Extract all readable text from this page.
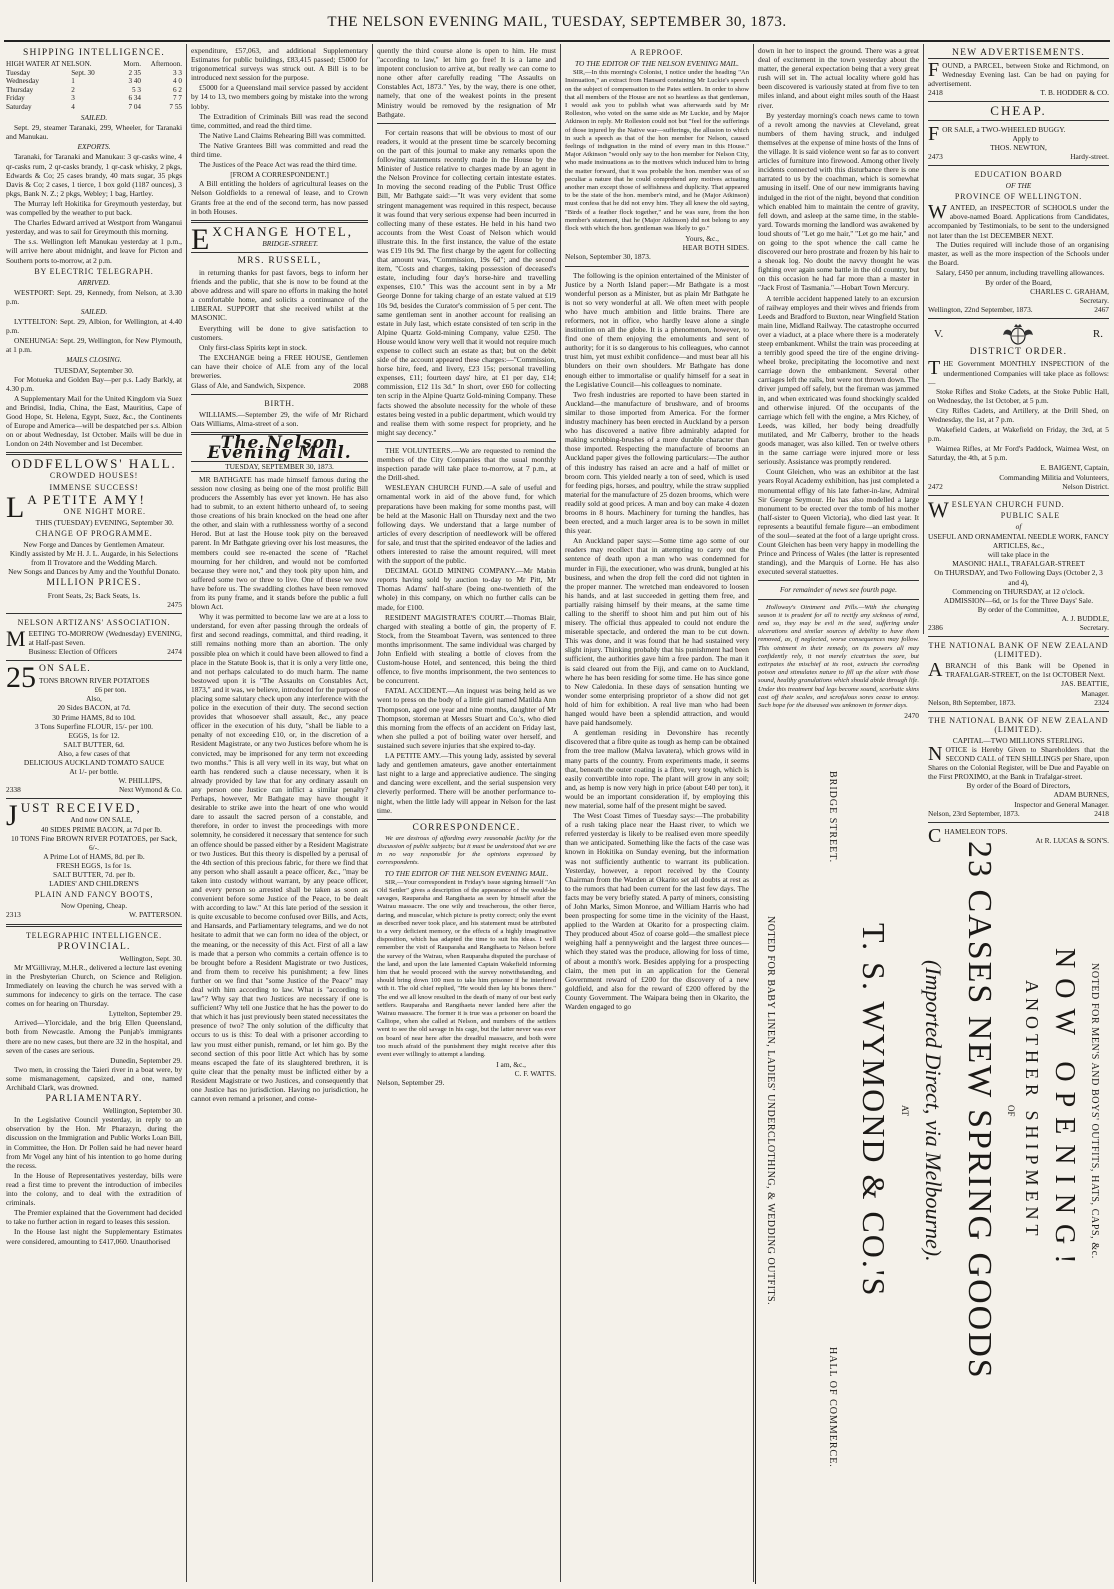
THE NELSON EVENING MAIL, TUESDAY, SEPTEMBER 30, 1873.
SHIPPING INTELLIGENCE.
HIGH WATER AT NELSON.		Morn.	Afternoon.
Tuesday	Sept. 30	2 35	3 3
Wednesday	1	3 40	4 0
Thursday	2	5 3	6 2
Friday	3	6 34	7 7
Saturday	4	7 04	7 55
SAILED.

Sept. 29, steamer Taranaki, 299, Wheeler, for Taranaki and Manukau.

EXPORTS.

Taranaki, for Taranaki and Manukau: 3 qr-casks wine, 4 qr-casks rum, 2 qr-casks brandy, 1 qr-cask whisky, 2 pkgs, Edwards & Co; 25 cases brandy, 40 mats sugar, 35 pkgs Davis & Co; 2 cases, 1 tierce, 1 box gold (1187 ounces), 3 pkgs, Bank N. Z.; 2 pkgs, Webley; 1 bag, Hartley.

The Murray left Hokitika for Greymouth yesterday, but was compelled by the weather to put back.

The Charles Edward arrived at Westport from Wanganui yesterday, and was to sail for Greymouth this morning.

The s.s. Wellington left Manukau yesterday at 1 p.m., will arrive here about midnight, and leave for Picton and Southern ports to-morrow, at 2 p.m.

BY ELECTRIC TELEGRAPH.
ARRIVED.

WESTPORT: Sept. 29, Kennedy, from Nelson, at 3.30 p.m.

SAILED.

LYTTELTON: Sept. 29, Albion, for Wellington, at 4.40 p.m.

ONEHUNGA: Sept. 29, Wellington, for New Plymouth, at 1 p.m.

MAILS CLOSING.
TUESDAY, September 30.

For Motueka and Golden Bay—per p.s. Lady Barkly, at 4.30 p.m.

A Supplementary Mail for the United Kingdom via Suez and Brindisi, India, China, the East, Mauritius, Cape of Good Hope, St. Helena, Egypt, Suez, &c., the Continents of Europe and America—will be despatched per s.s. Albion on or about Wednesday, 1st October. Mails will be due in London on 24th November and 1st December.

ODDFELLOWS' HALL.
CROWDED HOUSES!
IMMENSE SUCCESS!
L A PETITE AMY!
ONE NIGHT MORE.
THIS (TUESDAY) EVENING, September 30.
CHANGE OF PROGRAMME.
New Forge and Dances by Gentlemen Amateur.
Kindly assisted by Mr H. J. L. Augarde, in his Selections from Il Trovatore and the Wedding March.
New Songs and Dances by Amy and the Youthful Donato.
MILLION PRICES.
Front Seats, 2s; Back Seats, 1s.
2475
NELSON ARTIZANS' ASSOCIATION.
M EETING TO-MORROW (Wednesday) EVENING, at Half-past Seven.
Business: Election of Officers	2474
25 ON SALE.
TONS BROWN RIVER POTATOES
£6 per ton.
Also,
20 Sides BACON, at 7d.
30 Prime HAMS, 8d to 10d.
3 Tons Superfine FLOUR, 15/- per 100.
EGGS, 1s for 12.
SALT BUTTER, 6d.
Also, a few cases of that
DELICIOUS AUCKLAND TOMATO SAUCE
At 1/- per bottle.
W. PHILLIPS,
2338	Next Wymond & Co.
J UST RECEIVED,
And now ON SALE,
40 SIDES PRIME BACON, at 7d per lb.
10 TONS Fine BROWN RIVER POTATOES, per Sack, 6/-.
A Prime Lot of HAMS, 8d. per lb.
FRESH EGGS, 1s for 1s.
SALT BUTTER, 7d. per lb.
LADIES' AND CHILDREN'S
PLAIN AND FANCY BOOTS,
Now Opening, Cheap.
2313	W. PATTERSON.
TELEGRAPHIC INTELLIGENCE.
PROVINCIAL.
Wellington, Sept. 30.

Mr M'Gillivray, M.H.R., delivered a lecture last evening in the Presbyterian Church, on Science and Religion. Immediately on leaving the church he was served with a summons for indecency to girls on the terrace. The case comes on for hearing on Thursday.

Lyttelton, September 29.

Arrived—Ylorcidale, and the brig Ellen Queensland, both from Newcastle. Among the Punjab's immigrants there are no new cases, but there are 32 in the hospital, and seven of the cases are serious.

Dunedin, September 29.

Two men, in crossing the Taieri river in a boat were, by some mismanagement, capsized, and one, named Archibald Clark, was drowned.

PARLIAMENTARY.
Wellington, September 30.

In the Legislative Council yesterday, in reply to an observation by the Hon. Mr Pharazyn, during the discussion on the Immigration and Public Works Loan Bill, in Committee, the Hon. Dr Pollen said he had never heard from Mr Vogel any hint of his intention to go home during the recess.

In the House of Representatives yesterday, bills were read a first time to prevent the introduction of imbeciles into the colony, and to deal with the extradition of criminals.

The Premier explained that the Government had decided to take no further action in regard to leases this session.

In the House last night the Supplementary Estimates were considered, amounting to £417,060. Unauthorised

expenditure, £57,063, and additional Supplementary Estimates for public buildings, £83,415 passed; £5000 for trigonometrical surveys was struck out. A Bill is to be introduced next session for the purpose.

£5000 for a Queensland mail service passed by accident by 14 to 13, two members going by mistake into the wrong lobby.

The Extradition of Criminals Bill was read the second time, committed, and read the third time.

The Native Land Claims Rehearing Bill was committed.

The Native Grantees Bill was committed and read the third time.

The Justices of the Peace Act was read the third time.

[FROM A CORRESPONDENT.]

A Bill entitling the holders of agricultural leases on the Nelson Goldfields to a renewal of lease, and to Crown Grants free at the end of the second term, has now passed in both Houses.

E XCHANGE HOTEL,
BRIDGE-STREET.
MRS. RUSSELL,

in returning thanks for past favors, begs to inform her friends and the public, that she is now to be found at the above address and will spare no efforts in making the hotel a comfortable home, and solicits a continuance of the LIBERAL SUPPORT that she received whilst at the MASONIC.

Everything will be done to give satisfaction to customers.

Only first-class Spirits kept in stock.

The EXCHANGE being a FREE HOUSE, Gentlemen can have their choice of ALE from any of the local breweries.

Glass of Ale, and Sandwich, Sixpence.	2088
BIRTH.

WILLIAMS.—September 29, the wife of Mr Richard Oats Williams, Alma-street of a son.

The Nelson Evening Mail.
TUESDAY, SEPTEMBER 30, 1873.

MR BATHGATE has made himself famous during the session now closing as being one of the most prolific Bill producers the Assembly has ever yet known. He has also had to submit, to an extent hitherto unheard of, to seeing those creations of his brain knocked on the head one after the other, and slain with a ruthlessness worthy of a second Herod. But at last the House took pity on the bereaved parent. In Mr Bathgate grieving over his lost measures, the members could see re-enacted the scene of "Rachel mourning for her children, and would not be comforted because they were not," and they took pity upon him, and suffered some two or three to live. One of these we now have before us. The swaddling clothes have been removed from its puny frame, and it stands before the public a full blown Act.

Why it was permitted to become law we are at a loss to understand, for even after passing through the ordeals of first and second readings, committal, and third reading, it still remains nothing more than an abortion. The only possible plea on which it could have been allowed to find a place in the Statute Book is, that it is only a very little one, and not perhaps calculated to do much harm. The name bestowed upon it is "The Assaults on Constables Act, 1873," and it was, we believe, introduced for the purpose of placing some salutary check upon any interference with the police in the execution of their duty. The second section provides that whosoever shall assault, &c., any peace officer in the execution of his duty, "shall be liable to a penalty of not exceeding £10, or, in the discretion of a Resident Magistrate, or any two Justices before whom he is convicted, may be imprisoned for any term not exceeding two months." This is all very well in its way, but what on earth has rendered such a clause necessary, when it is already provided by law that for any ordinary assault on any person one Justice can inflict a similar penalty? Perhaps, however, Mr Bathgate may have thought it desirable to strike awe into the heart of one who would dare to assault the sacred person of a constable, and therefore, in order to invest the proceedings with more solemnity, he considered it necessary that sentence for such an offence should be passed either by a Resident Magistrate or two Justices. But this theory is dispelled by a perusal of the 4th section of this precious fabric, for there we find that any person who shall assault a peace officer, &c., "may be taken into custody without warrant, by any peace officer, and every person so arrested shall be taken as soon as convenient before some Justice of the Peace, to be dealt with according to law." At this late period of the session it is quite excusable to become confused over Bills, and Acts, and Hansards, and Parliamentary telegrams, and we do not hesitate to admit that we can form no idea of the object, or the meaning, or the necessity of this Act. First of all a law is made that a person who commits a certain offence is to be brought before a Resident Magistrate or two Justices, and from them to receive his punishment; a few lines further on we find that "some Justice of the Peace" may deal with him according to law. What is "according to law"? Why say that two Justices are necessary if one is sufficient? Why tell one Justice that he has the power to do that which it has just previously been stated necessitates the presence of two? The only solution of the difficulty that occurs to us is this: To deal with a prisoner according to law you must either punish, remand, or let him go. By the second section of this poor little Act which has by some means escaped the fate of its slaughtered brethren, it is quite clear that the penalty must be inflicted either by a Resident Magistrate or two Justices, and consequently that one Justice has no jurisdiction. Having no jurisdiction, he cannot even remand a prisoner, and conse-

quently the third course alone is open to him. He must "according to law," let him go free! It is a lame and impotent conclusion to arrive at, but really we can come to none other after carefully reading "The Assaults on Constables Act, 1873." Yes, by the way, there is one other, namely, that one of the weakest points in the present Ministry would be removed by the resignation of Mr Bathgate.

For certain reasons that will be obvious to most of our readers, it would at the present time be scarcely becoming on the part of this journal to make any remarks upon the following statements recently made in the House by the Minister of Justice relative to charges made by an agent in the Nelson Province for collecting certain intestate estates. In moving the second reading of the Public Trust Office Bill, Mr Bathgate said:—"It was very evident that some stringent management was required in this respect, because it was found that very serious expense had been incurred in collecting many of these estates. He held in his hand two accounts from the West Coast of Nelson which would illustrate this. In the first instance, the value of the estate was £19 10s 9d. The first charge by the agent for collecting that amount was, "Commission, 19s 6d"; and the second item, "Costs and charges, taking possession of deceased's estate, including four day's horse-hire and travelling expenses, £10." This was the account sent in by a Mr George Donne for taking charge of an estate valued at £19 10s 9d, besides the Curator's commission of 5 per cent. The same gentleman sent in another account for realising an estate in July last, which estate consisted of ten scrip in the Alpine Quartz Gold-mining Company, value £250. The House would know very well that it would not require much expense to collect such an estate as that; but on the debit side of the account appeared these charges:—"Commission, horse hire, feed, and livery, £23 15s; personal travelling expenses, £11; fourteen days' hire, at £1 per day, £14; commission, £12 11s 3d." In short, over £60 for collecting ten scrip in the Alpine Quartz Gold-mining Company. These facts showed the absolute necessity for the whole of these estates being vested in a public department, which would try and realise them with some respect for propriety, and he might say decency."

THE VOLUNTEERS.—We are requested to remind the members of the City Companies that the usual monthly inspection parade will take place to-morrow, at 7 p.m., at the Drill-shed.

WESLEYAN CHURCH FUND.—A sale of useful and ornamental work in aid of the above fund, for which preparations have been making for some months past, will be held at the Masonic Hall on Thursday next and the two following days. We understand that a large number of articles of every description of needlework will be offered for sale, and trust that the spirited endeavor of the ladies and others interested to raise the amount required, will meet with the support of the public.

DECIMAL GOLD MINING COMPANY.—Mr Mabin reports having sold by auction to-day to Mr Pitt, Mr Thomas Adams' half-share (being one-twentieth of the whole) in this company, on which no further calls can be made, for £100.

RESIDENT MAGISTRATE'S COURT.—Thomas Blair, charged with stealing a bottle of gin, the property of F. Stock, from the Steamboat Tavern, was sentenced to three months imprisonment. The same individual was charged by John Enfield with stealing a bottle of cloves from the Custom-house Hotel, and sentenced, this being the third offence, to five months imprisonment, the two sentences to be concurrent.

FATAL ACCIDENT.—An inquest was being held as we went to press on the body of a little girl named Matilda Ann Thompson, aged one year and nine months, daughter of Mr Thompson, storeman at Messrs Stuart and Co.'s, who died this morning from the effects of an accident on Friday last, when she pulled a pot of boiling water over herself, and sustained such severe injuries that she expired to-day.

LA PETITE AMY.—This young lady, assisted by several lady and gentlemen amateurs, gave another entertainment last night to a large and appreciative audience. The singing and dancing were excellent, and the serial suspension very cleverly performed. There will be another performance to-night, when the little lady will appear in Nelson for the last time.

CORRESPONDENCE.

We are desirous of affording every reasonable facility for the discussion of public subjects; but it must be understood that we are in no way responsible for the opinions expressed by correspondents.

TO THE EDITOR OF THE NELSON EVENING MAIL.

SIR,—Your correspondent in Friday's issue signing himself "An Old Settler" gives a description of the appearance of the would-be savages, Rauparaha and Rangihaeta as seen by himself after the Wairau massacre. The one wily and treacherous, the other fierce, daring, and muscular, which picture is pretty correct; only the event as described never took place, and his statement must be attributed to a very deficient memory, or the effects of a highly imaginative disposition, which has adapted the time to suit his ideas. I well remember the visit of Rauparaha and Rangihaeta to Nelson before the survey of the Wairau, when Rauparaha disputed the purchase of the land, and upon the late lamented Captain Wakefield informing him that he would proceed with the survey notwithstanding, and should bring down 100 men to take him prisoner if he interfered with it. The old chief replied, "He would then lay his bones there." The end we all know resulted in the death of many of our best early settlers. Rauparaha and Rangihaeta never landed here after the Wairau massacre. The former it is true was a prisoner on board the Calliope, when she called at Nelson, and numbers of the settlers went to see the old savage in his cage, but the latter never was ever on board of near here after the dreadful massacre, and both were too much afraid of the punishment they might receive after this event ever willingly to attempt a landing.

I am, &c.,
C. F. WATTS.
Nelson, September 29.
A REPROOF.
TO THE EDITOR OF THE NELSON EVENING MAIL.

SIR,—In this morning's Colonist, I notice under the heading "An Insinuation," an extract from Hansard containing Mr Luckie's speech on the subject of compensation to the Pates settlers. In order to show that all members of the House are not so heartless as that gentleman, I would ask you to publish what was afterwards said by Mr Rolleston, who voted on the same side as Mr Luckie, and by Major Atkinson in reply. Mr Rolleston could not but "feel for the sufferings of those injured by the Native war—sufferings, the allusion to which in such a speech as that of the hon member for Nelson, caused feelings of indignation in the mind of every man in this House." Major Atkinson "would only say to the hon member for Nelson City, who made insinuations as to the motives which induced him to bring the matter forward, that it was probable the hon. member was of so peculiar a nature that he could comprehend any motives actuating another man except those of selfishness and duplicity. That appeared to be the state of the hon. member's mind, and he (Major Atkinson) must confess that he did not envy him. They all knew the old saying, "Birds of a feather flock together," and he was sure, from the hon member's statement, that he (Major Atkinson) did not belong to any flock with which the hon. gentleman was likely to go."

Yours, &c.,
HEAR BOTH SIDES.
Nelson, September 30, 1873.

The following is the opinion entertained of the Minister of Justice by a North Island paper:—Mr Bathgate is a most wonderful person as a Minister, but as plain Mr Bathgate he is not so very wonderful at all. We often meet with people who have much ambition and little brains. There are reformers, not in office, who hardly leave alone a single institution on all the globe. It is a phenomenon, however, to find one of them enjoying the emoluments and sent of authority; for it is so dangerous to his colleagues, who cannot trust him, yet must exhibit confidence—and must bear all his blunders on their own shoulders. Mr Bathgate has done enough either to immortalise or qualify himself for a seat in the Legislative Council—his colleagues to nominate.

Two fresh industries are reported to have been started in Auckland—the manufacture of brushware, and of brooms similar to those imported from America. For the former industry machinery has been erected in Auckland by a person who has discovered a native fibre admirably adapted for making scrubbing-brushes of a more durable character than those imported. Respecting the manufacture of brooms an Auckland paper gives the following particulars:—The author of this industry has raised an acre and a half of millet or broom corn. This yielded nearly a ton of seed, which is used for feeding pigs, horses, and poultry, while the straw supplied material for the manufacture of 25 dozen brooms, which were readily sold at good prices. A man and boy can make 4 dozen brooms in 8 hours. Machinery for turning the handles, has been erected, and a much larger area is to be sown in millet this year.

An Auckland paper says:—Some time ago some of our readers may recollect that in attempting to carry out the sentence of death upon a man who was condemned for murder in Fiji, the executioner, who was drunk, bungled at his business, and when the drop fell the cord did not tighten in the proper manner. The wretched man endeavored to loosen his hands, and at last succeeded in getting them free, and partially raising himself by their means, at the same time calling to the sheriff to shoot him and put him out of his misery. The official thus appealed to could not endure the miserable spectacle, and ordered the man to be cut down. This was done, and it was found that he had sustained very slight injury. Thinking probably that his punishment had been sufficient, the authorities gave him a free pardon. The man it is said cleared out from the Fiji, and came on to Auckland, where he has been residing for some time. He has since gone to New Caledonia. In these days of sensation hunting we wonder some enterprising proprietor of a show did not get hold of him for exhibition. A real live man who had been hanged would have been a splendid attraction, and would have paid handsomely.

A gentleman residing in Devonshire has recently discovered that a fibre quite as tough as hemp can be obtained from the tree mallow (Malva lavatera), which grows wild in many parts of the country. From experiments made, it seems that, beneath the outer coating is a fibre, very tough, which is easily convertible into rope. The plant will grow in any soil; and, as hemp is now very high in price (about £40 per ton), it would be an important consideration if, by employing this new material, some half of the present might be saved.

The West Coast Times of Tuesday says:—The probability of a rush taking place near the Haast river, to which we referred yesterday is likely to be realised even more speedily than we anticipated. Something like the facts of the case was known in Hokitika on Sunday evening, but the information was not sufficiently authentic to warrant its publication. Yesterday, however, a report received by the County Chairman from the Warden at Okarito set all doubts at rest as to the rumors that had been current for the last few days. The facts may be very briefly stated. A party of miners, consisting of John Marks, Simon Monroe, and William Harris who had been prospecting for some time in the vicinity of the Haast, applied to the Warden at Okarito for a prospecting claim. They produced about 45oz of coarse gold—the smallest piece weighing half a pennyweight and the largest three ounces—which they stated was the produce, allowing for loss of time, of about a month's work. Besides applying for a prospecting claim, the men put in an application for the General Government reward of £200 for the discovery of a new goldfield, and also for the reward of £200 offered by the County Government. The Waipara being then in Okarito, the Warden engaged to go

down in her to inspect the ground. There was a great deal of excitement in the town yesterday about the matter, the general expectation being that a very great rush will set in. The actual locality where gold has been discovered is variously stated at from five to ten miles inland, and about eight miles south of the Haast river.

By yesterday morning's coach news came to town of a revolt among the navvies at Cleveland, great numbers of them having struck, and indulged themselves at the expense of mine hosts of the Inns of the village. It is said violence went so far as to convert articles of furniture into firewood. Among other lively incidents connected with this disturbance there is one narrated to us by the coachman, which is somewhat amusing in itself. One of our new immigrants having indulged in the riot of the night, beyond that condition which enabled him to maintain the centre of gravity, fell down, and asleep at the same time, in the stable-yard. Towards morning the landlord was awakened by loud shouts of "Let go me hair," "Let go me hair," and on going to the spot whence the call came he discovered our hero prostrate and frozen by his hair to a sheoak log. No doubt the navvy thought he was fighting over again some battle in the old country, but on this occasion he had far more than a master in "Jack Frost of Tasmania."—Hobart Town Mercury.

A terrible accident happened lately to an excursion of railway employes and their wives and friends from Leeds and Bradford to Buxton, near Wingfield Station main line, Midland Railway. The catastrophe occurred over a viaduct, at a place where there is a moderately steep embankment. Whilst the train was proceeding at a terribly good speed the tire of the engine driving-wheel broke, precipitating the locomotive and next carriage down the embankment. Several other carriages left the rails, but were not thrown down. The driver jumped off safely, but the fireman was jammed in, and when extricated was found shockingly scalded and otherwise injured. Of the occupants of the carriage which fell with the engine, a Mrs Kichey, of Leeds, was killed, her body being dreadfully mutilated, and Mr Calberry, brother to the heads goods manager, was also killed. Ten or twelve others in the same carriage were injured more or less seriously. Assistance was promptly rendered.

Count Gleichen, who was an exhibitor at the last years Royal Academy exhibition, has just completed a monumental effigy of his late father-in-law, Admiral Sir George Seymour. He has also modelled a large monument to be erected over the tomb of his mother (half-sister to Queen Victoria), who died last year. It represents a beautiful female figure—an embodiment of the soul—seated at the foot of a large upright cross. Count Gleichen has been very happy in modelling the Prince and Princess of Wales (the latter is represented standing), and the Marquis of Lorne. He has also executed several statuettes.

For remainder of news see fourth page.

Holloway's Ointment and Pills.—With the changing season it is prudent for all to rectify any sickness of mind, tend so, they may be evil in the seed, suffering under ulcerations and similar sources of debility to have them removed, as, if neglected, worse consequences may follow. This ointment in their remedy, on its powers all may confidently rely, it not merely cicatrises the sore, but extirpates the mischief at its root, extracts the corroding poison and stimulates nature to fill up the ulcer with those sound, healthy granulations which should abide through life. Under this treatment bad legs become sound, scorbutic skins cast off their scales, and scrofulous sores cease to annoy. Such hope for the diseased was unknown in former days.

2470
NEW ADVERTISEMENTS.
F OUND, a PARCEL, between Stoke and Richmond, on Wednesday Evening last. Can be had on paying for advertisement.
2418	T. B. HODDER & CO.
CHEAP.
F OR SALE, a TWO-WHEELED BUGGY.
Apply to
THOS. NEWTON,
2473	Hardy-street.
EDUCATION BOARD
OF THE
PROVINCE OF WELLINGTON.
W ANTED, an INSPECTOR of SCHOOLS under the above-named Board. Applications from Candidates, accompanied by Testimonials, to be sent to the undersigned not later than the 1st DECEMBER NEXT.

The Duties required will include those of an organising master, as well as the more inspection of the Schools under the Board.

Salary, £450 per annum, including travelling allowances.

By order of the Board,
CHARLES C. GRAHAM,
Secretary.
Wellington, 22nd September, 1873.	2467
V.	R.
DISTRICT ORDER.
T HE Government MONTHLY INSPECTION of the undermentioned Companies will take place as follows:—

Stoke Rifles and Stoke Cadets, at the Stoke Public Hall, on Wednesday, the 1st October, at 5 p.m.

City Rifles Cadets, and Artillery, at the Drill Shed, on Wednesday, the 1st, at 7 p.m.

Wakefield Cadets, at Wakefield on Friday, the 3rd, at 5 p.m.

Waimea Rifles, at Mr Ford's Paddock, Waimea West, on Saturday, the 4th, at 5 p.m.

E. BAIGENT, Captain,
Commanding Militia and Volunteers,
2472	Nelson District.
W ESLEYAN CHURCH FUND.
PUBLIC SALE
of
USEFUL AND ORNAMENTAL NEEDLE WORK, FANCY ARTICLES, &c.,
will take place in the
MASONIC HALL, TRAFALGAR-STREET
On THURSDAY, and Two Following Days (October 2, 3 and 4),
Commencing on THURSDAY, at 12 o'clock.
ADMISSION—6d, or 1s for the Three Days' Sale.
By order of the Committee,
A. J. BUDDLE,
2386	Secretary.
THE NATIONAL BANK OF NEW ZEALAND (LIMITED).
A BRANCH of this Bank will be Opened in TRAFALGAR-STREET, on the 1st OCTOBER Next.
JAS. BEATTIE,
Manager.
Nelson, 8th September, 1873.	2324
THE NATIONAL BANK OF NEW ZEALAND (LIMITED).
CAPITAL—TWO MILLIONS STERLING.
N OTICE is Hereby Given to Shareholders that the SECOND CALL of TEN SHILLINGS per Share, upon Shares on the Colonial Register, will be Due and Payable on the First PROXIMO, at the Bank in Trafalgar-street.
By order of the Board of Directors,
ADAM BURNES,
Inspector and General Manager.
Nelson, 23rd September, 1873.	2418
C HAMELEON TOPS.
At R. LUCAS & SON'S.
NOTED FOR MEN'S AND BOYS' OUTFITS, HATS, CAPS, &c.
NOW OPENING!
ANOTHER SHIPMENT
OF
23 CASES NEW SPRING GOODS
(Imported Direct, via Melbourne).
AT
T. S. WYMOND & CO.'S
BRIDGE STREET.
HALL OF COMMERCE.
NOTED FOR BABY LINEN, LADIES' UNDERCLOTHING, & WEDDING OUTFITS.
